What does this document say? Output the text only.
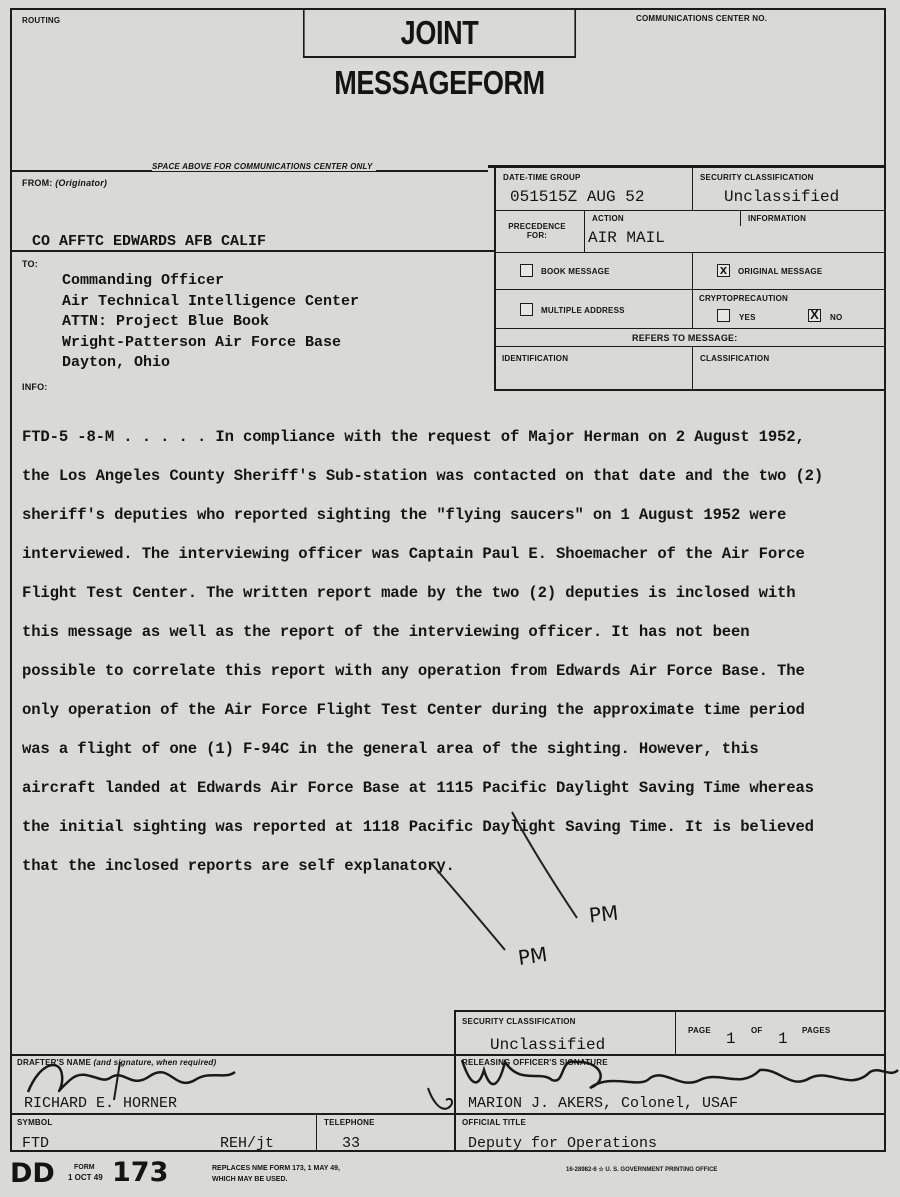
ROUTING	JOINT MESSAGEFORM
COMMUNICATIONS CENTER NO.
SPACE ABOVE FOR COMMUNICATIONS CENTER ONLY
FROM: (Originator)
CO AFFTC EDWARDS AFB CALIF
TO:
Commanding Officer
Air Technical Intelligence Center
ATTN: Project Blue Book
Wright-Patterson Air Force Base
Dayton, Ohio
INFO:
DATE-TIME GROUP
051515Z AUG 52
SECURITY CLASSIFICATION
Unclassified
PRECEDENCE FOR:
ACTION
AIR MAIL
INFORMATION
BOOK MESSAGE	x ORIGINAL MESSAGE
MULTIPLE ADDRESS
CRYPTOPRECAUTION
YES	X NO
REFERS TO MESSAGE:
IDENTIFICATION	CLASSIFICATION
FTD-5 -8-M . . . . . In compliance with the request of Major Herman on 2 August 1952,
the Los Angeles County Sheriff's Sub-station was contacted on that date and the two (2)
sheriff's deputies who reported sighting the "flying saucers" on 1 August 1952 were
interviewed. The interviewing officer was Captain Paul E. Shoemacher of the Air Force
Flight Test Center. The written report made by the two (2) deputies is inclosed with
this message as well as the report of the interviewing officer. It has not been
possible to correlate this report with any operation from Edwards Air Force Base. The
only operation of the Air Force Flight Test Center during the approximate time period
was a flight of one (1) F-94C in the general area of the sighting. However, this
aircraft landed at Edwards Air Force Base at 1115 Pacific Daylight Saving Time whereas
the initial sighting was reported at 1118 Pacific Daylight Saving Time. It is believed
that the inclosed reports are self explanatory.
PM
PM
SECURITY CLASSIFICATION
Unclassified
PAGE 1 OF 1 PAGES
DRAFTER'S NAME (and signature, when required)
RICHARD E. HORNER
RELEASING OFFICER'S SIGNATURE
MARION J. AKERS, Colonel, USAF
SYMBOL
FTD	REH/jt
TELEPHONE
33
OFFICIAL TITLE
Deputy for Operations
DD	FORM
1 OCT 49 173	REPLACES NME FORM 173, 1 MAY 49,
WHICH MAY BE USED.
16-28982-6 ☆ U. S. GOVERNMENT PRINTING OFFICE
